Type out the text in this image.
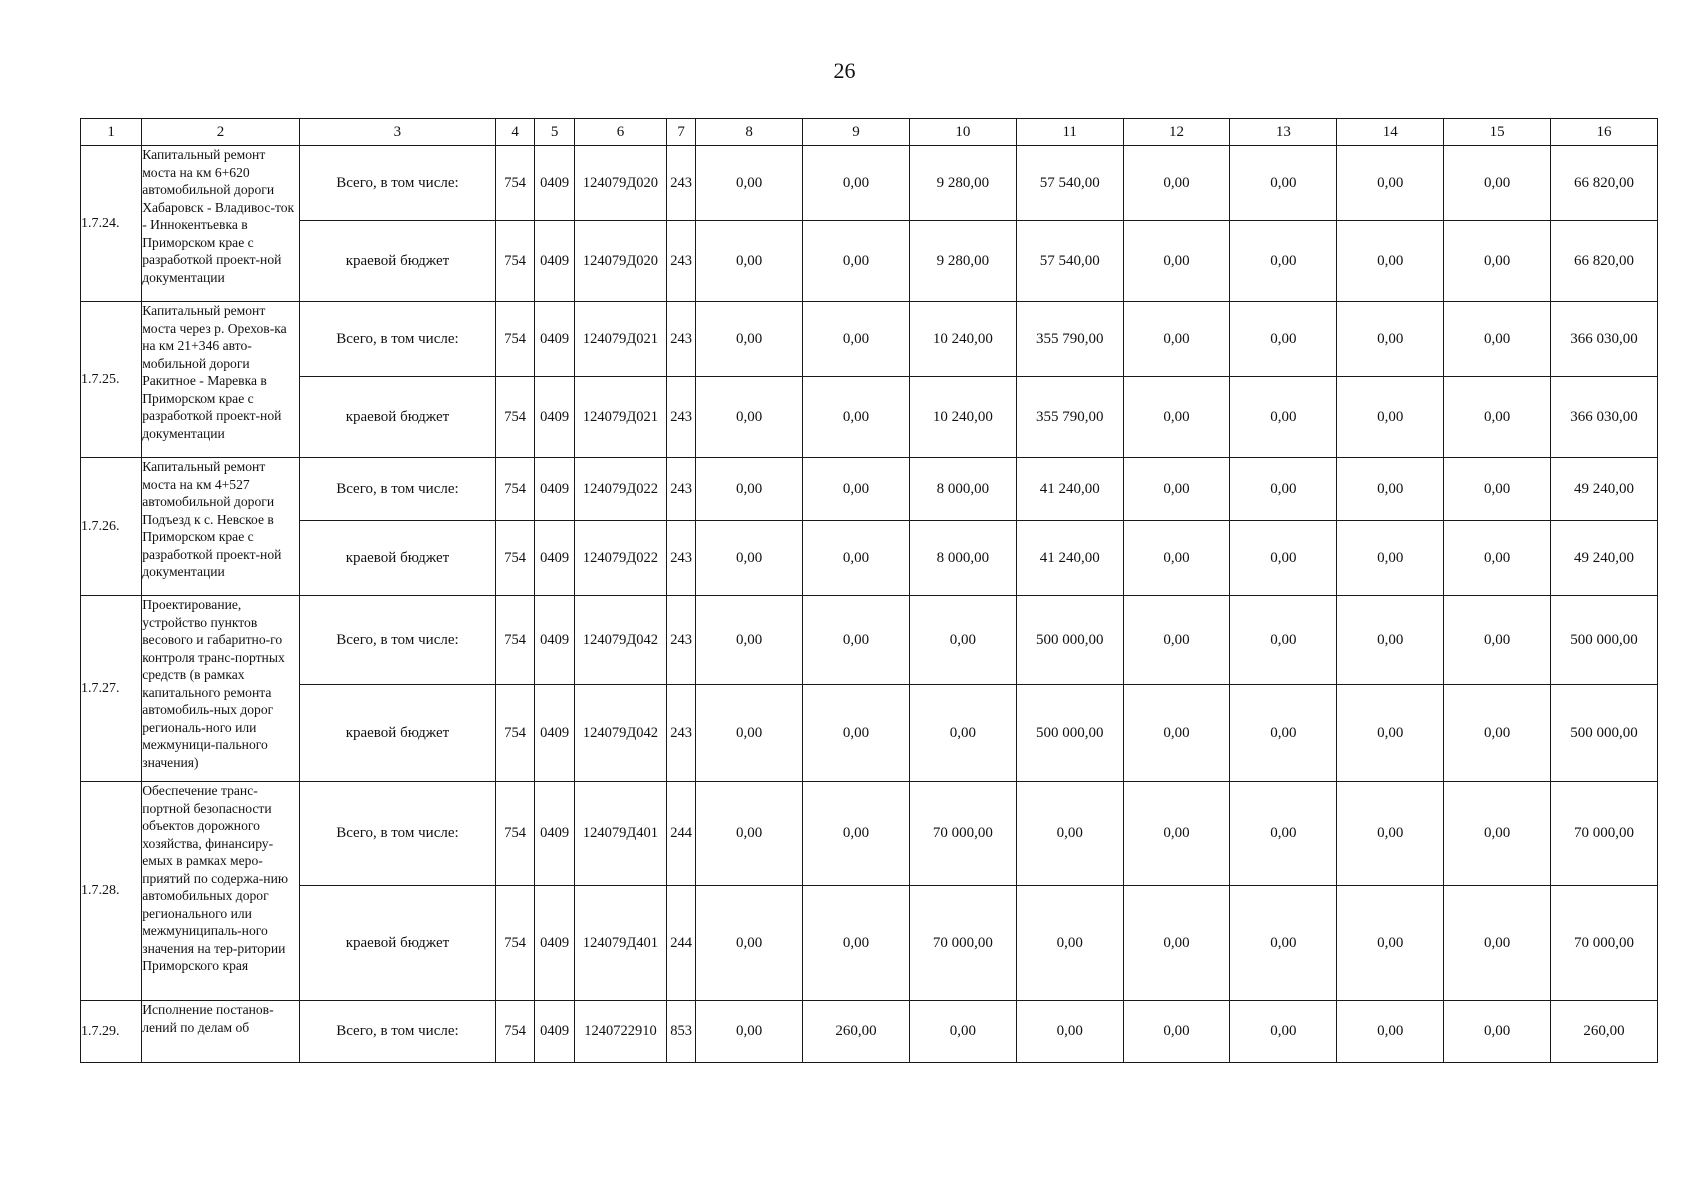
26
1	2	3	4	5	6	7	8	9	10	11	12	13	14	15	16
1.7.24.	Капитальный ремонт моста на км 6+620 автомобильной дороги Хабаровск - Владивос-ток - Иннокентьевка в Приморском крае с разработкой проект-ной документации	Всего, в том числе:	754	0409	124079Д020	243	0,00	0,00	9 280,00	57 540,00	0,00	0,00	0,00	0,00	66 820,00
		краевой бюджет	754	0409	124079Д020	243	0,00	0,00	9 280,00	57 540,00	0,00	0,00	0,00	0,00	66 820,00
1.7.25.	Капитальный ремонт моста через р. Орехов-ка на км 21+346 авто-мобильной дороги Ракитное - Маревка в Приморском крае с разработкой проект-ной документации	Всего, в том числе:	754	0409	124079Д021	243	0,00	0,00	10 240,00	355 790,00	0,00	0,00	0,00	0,00	366 030,00
		краевой бюджет	754	0409	124079Д021	243	0,00	0,00	10 240,00	355 790,00	0,00	0,00	0,00	0,00	366 030,00
1.7.26.	Капитальный ремонт моста на км 4+527 автомобильной дороги Подъезд к с. Невское в Приморском крае с разработкой проект-ной документации	Всего, в том числе:	754	0409	124079Д022	243	0,00	0,00	8 000,00	41 240,00	0,00	0,00	0,00	0,00	49 240,00
		краевой бюджет	754	0409	124079Д022	243	0,00	0,00	8 000,00	41 240,00	0,00	0,00	0,00	0,00	49 240,00
1.7.27.	Проектирование, устройство пунктов весового и габаритно-го контроля транс-портных средств (в рамках капитального ремонта автомобиль-ных дорог региональ-ного или межмуници-пального значения)	Всего, в том числе:	754	0409	124079Д042	243	0,00	0,00	0,00	500 000,00	0,00	0,00	0,00	0,00	500 000,00
		краевой бюджет	754	0409	124079Д042	243	0,00	0,00	0,00	500 000,00	0,00	0,00	0,00	0,00	500 000,00
1.7.28.	Обеспечение транс-портной безопасности объектов дорожного хозяйства, финансиру-емых в рамках меро-приятий по содержа-нию автомобильных дорог регионального или межмуниципаль-ного значения на тер-ритории Приморского края	Всего, в том числе:	754	0409	124079Д401	244	0,00	0,00	70 000,00	0,00	0,00	0,00	0,00	0,00	70 000,00
		краевой бюджет	754	0409	124079Д401	244	0,00	0,00	70 000,00	0,00	0,00	0,00	0,00	0,00	70 000,00
1.7.29.	Исполнение постанов-лений по делам об	Всего, в том числе:	754	0409	1240722910	853	0,00	260,00	0,00	0,00	0,00	0,00	0,00	0,00	260,00
